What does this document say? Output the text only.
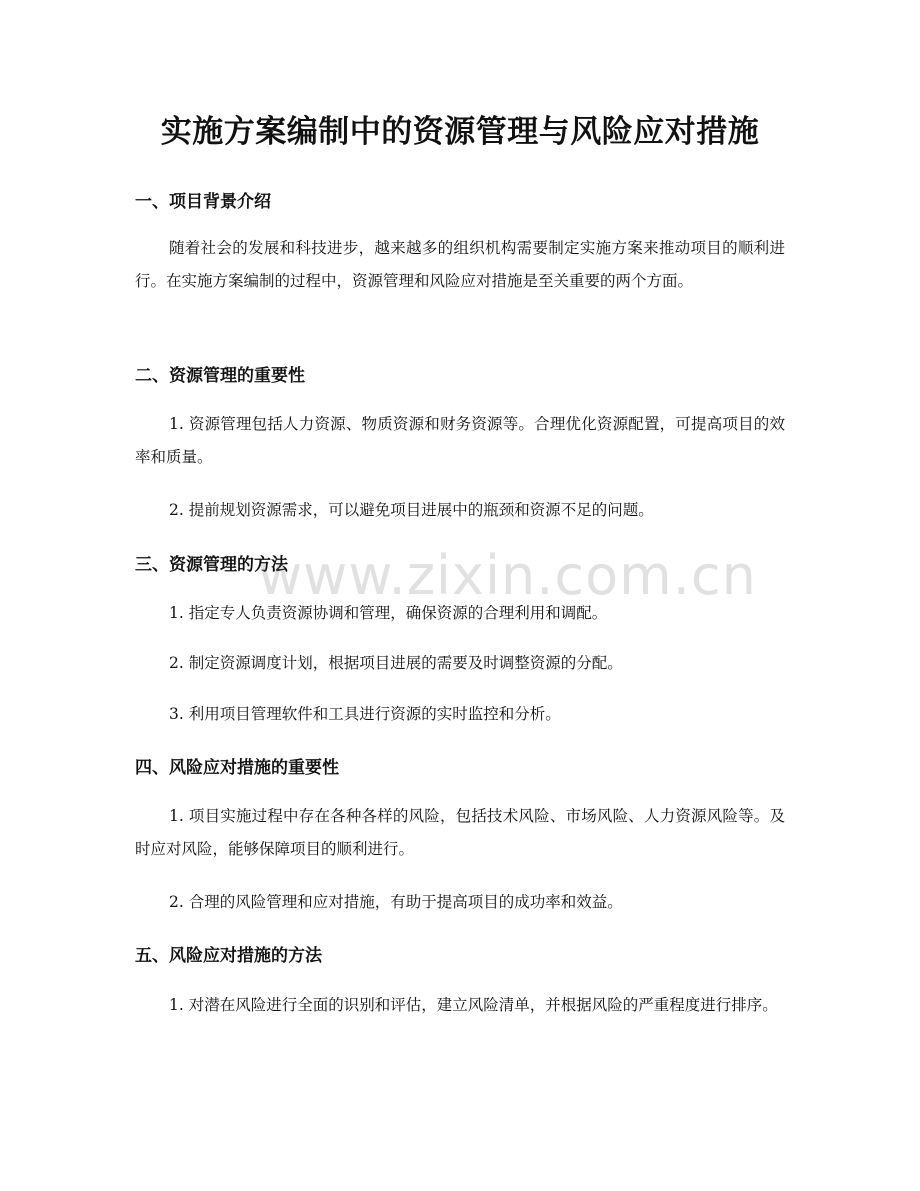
实施方案编制中的资源管理与风险应对措施
一、项目背景介绍
随着社会的发展和科技进步，越来越多的组织机构需要制定实施方案来推动项目的顺利进行。在实施方案编制的过程中，资源管理和风险应对措施是至关重要的两个方面。
二、资源管理的重要性
1. 资源管理包括人力资源、物质资源和财务资源等。合理优化资源配置，可提高项目的效率和质量。
2. 提前规划资源需求，可以避免项目进展中的瓶颈和资源不足的问题。
三、资源管理的方法
1. 指定专人负责资源协调和管理，确保资源的合理利用和调配。
2. 制定资源调度计划，根据项目进展的需要及时调整资源的分配。
3. 利用项目管理软件和工具进行资源的实时监控和分析。
四、风险应对措施的重要性
1. 项目实施过程中存在各种各样的风险，包括技术风险、市场风险、人力资源风险等。及时应对风险，能够保障项目的顺利进行。
2. 合理的风险管理和应对措施，有助于提高项目的成功率和效益。
五、风险应对措施的方法
1. 对潜在风险进行全面的识别和评估，建立风险清单，并根据风险的严重程度进行排序。
www.zixin.com.cn
